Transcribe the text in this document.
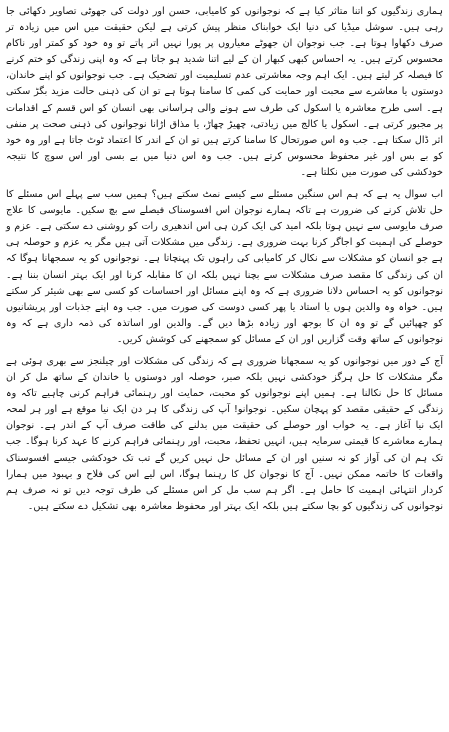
ہماری زندگیوں کو اتنا متاثر کیا ہے کہ نوجوانوں کو کامیابی، حسن اور دولت کی جھوٹی تصاویر دکھائی جا رہی ہیں۔ سوشل میڈیا کی دنیا ایک خوابناک منظر پیش کرتی ہے لیکن حقیقت میں اس میں زیادہ تر صرف دکھاوا ہوتا ہے۔ جب نوجوان ان جھوٹے معیاروں پر پورا نہیں اتر پاتے تو وہ خود کو کمتر اور ناکام محسوس کرتے ہیں۔ یہ احساس کبھی کبھار ان کے لیے اتنا شدید ہو جاتا ہے کہ وہ اپنی زندگی کو ختم کرنے کا فیصلہ کر لیتے ہیں۔ ایک اہم وجہ معاشرتی عدم تسلیمیت اور تضحیک ہے۔ جب نوجوانوں کو اپنے خاندان، دوستوں یا معاشرے سے محبت اور حمایت کی کمی کا سامنا ہوتا ہے تو ان کی ذہنی حالت مزید بگڑ سکتی ہے۔ اسی طرح معاشرہ یا اسکول کی طرف سے ہونے والی ہراسانی بھی انسان کو اس قسم کے اقدامات پر مجبور کرتی ہے۔ اسکول یا کالج میں زیادتی، چھیڑ چھاڑ، یا مذاق اڑانا نوجوانوں کی ذہنی صحت پر منفی اثر ڈال سکتا ہے۔ جب وہ اس صورتحال کا سامنا کرتے ہیں تو ان کے اندر کا اعتماد ٹوٹ جاتا ہے اور وہ خود کو بے بس اور غیر محفوظ محسوس کرتے ہیں۔ جب وہ اس دنیا میں بے بسی اور اس سوچ کا نتیجہ خودکشی کی صورت میں نکلتا ہے۔

اب سوال یہ ہے کہ ہم اس سنگین مسئلے سے کیسے نمٹ سکتے ہیں؟ ہمیں سب سے پہلے اس مسئلے کا حل تلاش کرنے کی ضرورت ہے تاکہ ہمارے نوجوان اس افسوسناک فیصلے سے بچ سکیں۔ مایوسی کا علاج صرف مایوسی سے نہیں ہوتا بلکہ امید کی ایک کرن ہی اس اندھیری رات کو روشنی دے سکتی ہے۔ عزم و حوصلے کی اہمیت کو اجاگر کرنا بہت ضروری ہے۔ زندگی میں مشکلات آتی ہیں مگر یہ عزم و حوصلہ ہی ہے جو انسان کو مشکلات سے نکال کر کامیابی کی راہوں تک پہنچاتا ہے۔ نوجوانوں کو یہ سمجھانا ہوگا کہ ان کی زندگی کا مقصد صرف مشکلات سے بچنا نہیں بلکہ ان کا مقابلہ کرنا اور ایک بہتر انسان بننا ہے۔ نوجوانوں کو یہ احساس دلانا ضروری ہے کہ وہ اپنے مسائل اور احساسات کو کسی سے بھی شیئر کر سکتے ہیں۔ خواہ وہ والدین ہوں یا استاد یا پھر کسی دوست کی صورت میں۔ جب وہ اپنے جذبات اور پریشانیوں کو چھپائیں گے تو وہ ان کا بوجھ اور زیادہ بڑھا دیں گے۔ والدین اور اساتذہ کی ذمہ داری ہے کہ وہ نوجوانوں کے ساتھ وقت گزاریں اور ان کے مسائل کو سمجھنے کی کوشش کریں۔

آج کے دور میں نوجوانوں کو یہ سمجھانا ضروری ہے کہ زندگی کی مشکلات اور چیلنجز سے بھری ہوئی ہے مگر مشکلات کا حل ہرگز خودکشی نہیں بلکہ صبر، حوصلہ اور دوستوں یا خاندان کے ساتھ مل کر ان مسائل کا حل نکالنا ہے۔ ہمیں اپنے نوجوانوں کو محبت، حمایت اور رہنمائی فراہم کرنی چاہیے تاکہ وہ زندگی کے حقیقی مقصد کو پہچان سکیں۔ نوجوانو! آپ کی زندگی کا ہر دن ایک نیا موقع ہے اور ہر لمحہ ایک نیا آغاز ہے۔ یہ خواب اور حوصلے کی حقیقت میں بدلنے کی طاقت صرف آپ کے اندر ہے۔ نوجوان ہمارے معاشرے کا قیمتی سرمایہ ہیں، انہیں تحفظ، محبت، اور رہنمائی فراہم کرنے کا عہد کرنا ہوگا۔ جب تک ہم ان کی آواز کو نہ سنیں اور ان کے مسائل حل نہیں کریں گے تب تک خودکشی جیسے افسوسناک واقعات کا خاتمہ ممکن نہیں۔ آج کا نوجوان کل کا رہنما ہوگا، اس لیے اس کی فلاح و بہبود میں ہمارا کردار انتہائی اہمیت کا حامل ہے۔ اگر ہم سب مل کر اس مسئلے کی طرف توجہ دیں تو نہ صرف ہم نوجوانوں کی زندگیوں کو بچا سکتے ہیں بلکہ ایک بہتر اور محفوظ معاشرہ بھی تشکیل دے سکتے ہیں۔
